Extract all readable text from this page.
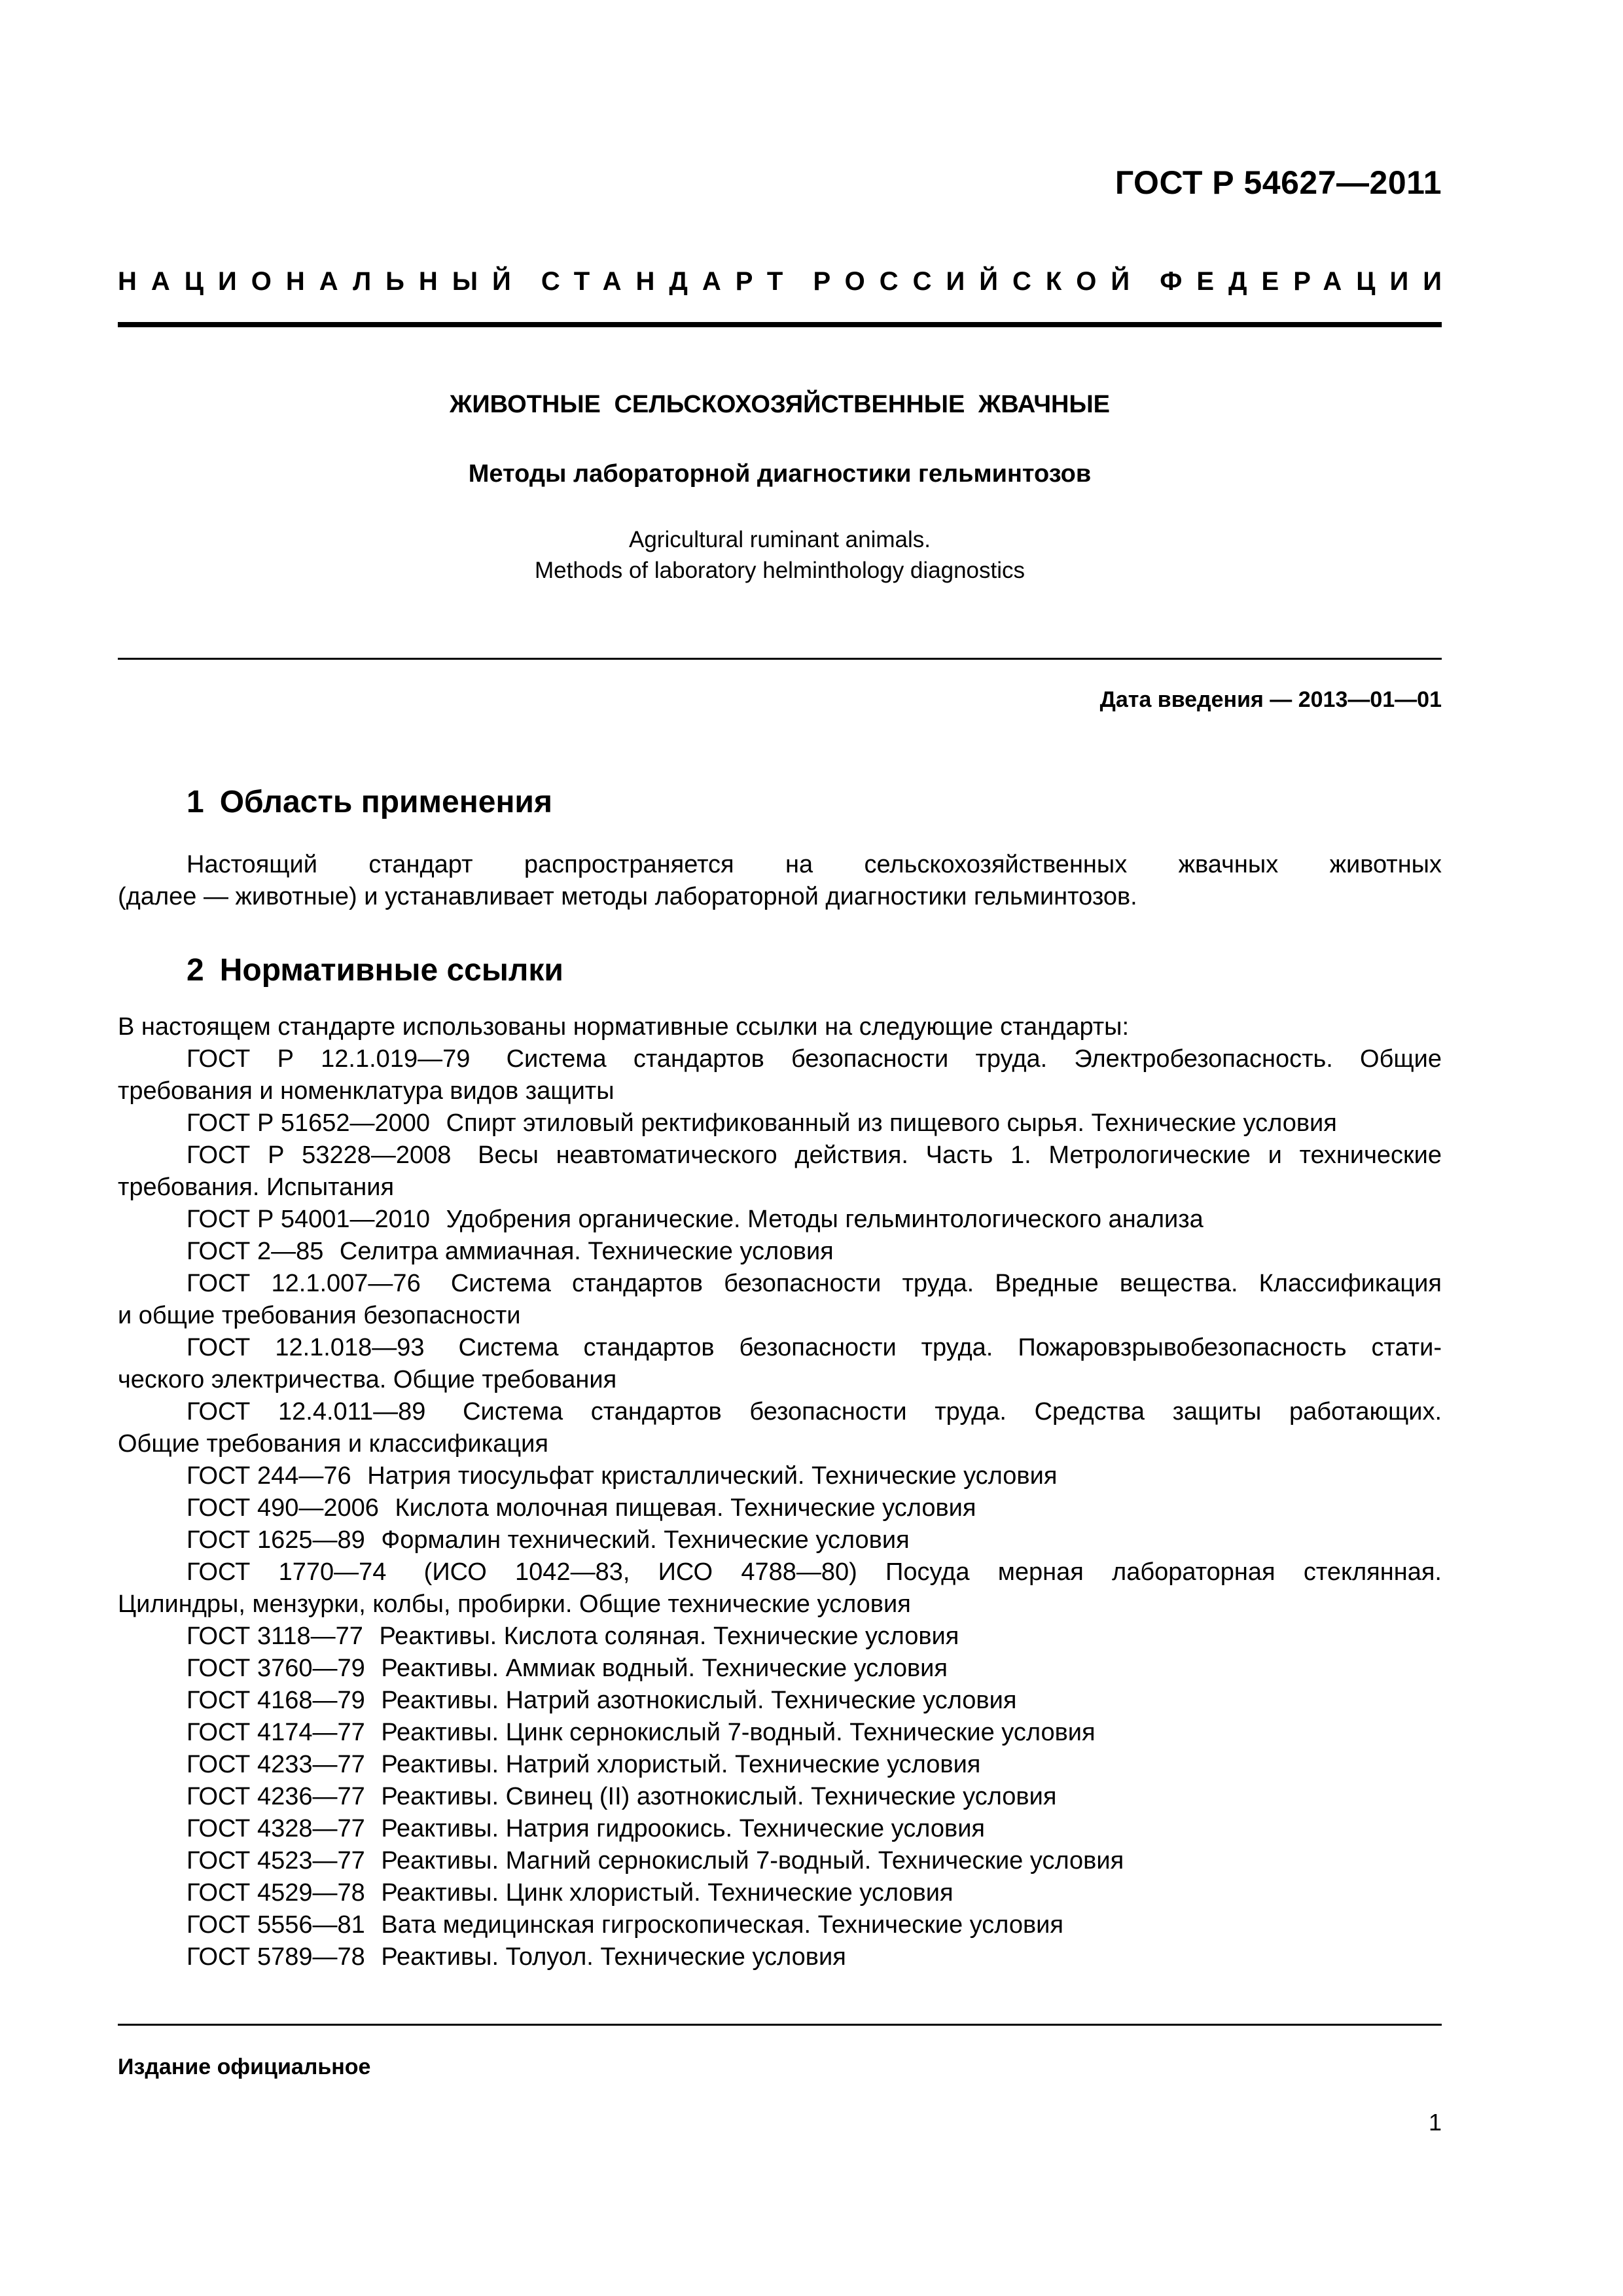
ГОСТ Р 54627—2011
НАЦИОНАЛЬНЫЙ СТАНДАРТ РОССИЙСКОЙ ФЕДЕРАЦИИ
ЖИВОТНЫЕ СЕЛЬСКОХОЗЯЙСТВЕННЫЕ ЖВАЧНЫЕ
Методы лабораторной диагностики гельминтозов
Agricultural ruminant animals.
Methods of laboratory helminthology diagnostics
Дата введения — 2013—01—01
1 Область применения
Настоящий стандарт распространяется на сельскохозяйственных жвачных животных
(далее — животные) и устанавливает методы лабораторной диагностики гельминтозов.
2 Нормативные ссылки
В настоящем стандарте использованы нормативные ссылки на следующие стандарты:
ГОСТ Р 12.1.019—79 Система стандартов безопасности труда. Электробезопасность. Общие
требования и номенклатура видов защиты
ГОСТ Р 51652—2000 Спирт этиловый ректификованный из пищевого сырья. Технические условия
ГОСТ Р 53228—2008 Весы неавтоматического действия. Часть 1. Метрологические и технические
требования. Испытания
ГОСТ Р 54001—2010 Удобрения органические. Методы гельминтологического анализа
ГОСТ 2—85 Селитра аммиачная. Технические условия
ГОСТ 12.1.007—76 Система стандартов безопасности труда. Вредные вещества. Классификация
и общие требования безопасности
ГОСТ 12.1.018—93 Система стандартов безопасности труда. Пожаровзрывобезопасность стати-
ческого электричества. Общие требования
ГОСТ 12.4.011—89 Система стандартов безопасности труда. Средства защиты работающих.
Общие требования и классификация
ГОСТ 244—76 Натрия тиосульфат кристаллический. Технические условия
ГОСТ 490—2006 Кислота молочная пищевая. Технические условия
ГОСТ 1625—89 Формалин технический. Технические условия
ГОСТ 1770—74 (ИСО 1042—83, ИСО 4788—80) Посуда мерная лабораторная стеклянная.
Цилиндры, мензурки, колбы, пробирки. Общие технические условия
ГОСТ 3118—77 Реактивы. Кислота соляная. Технические условия
ГОСТ 3760—79 Реактивы. Аммиак водный. Технические условия
ГОСТ 4168—79 Реактивы. Натрий азотнокислый. Технические условия
ГОСТ 4174—77 Реактивы. Цинк сернокислый 7-водный. Технические условия
ГОСТ 4233—77 Реактивы. Натрий хлористый. Технические условия
ГОСТ 4236—77 Реактивы. Свинец (II) азотнокислый. Технические условия
ГОСТ 4328—77 Реактивы. Натрия гидроокись. Технические условия
ГОСТ 4523—77 Реактивы. Магний сернокислый 7-водный. Технические условия
ГОСТ 4529—78 Реактивы. Цинк хлористый. Технические условия
ГОСТ 5556—81 Вата медицинская гигроскопическая. Технические условия
ГОСТ 5789—78 Реактивы. Толуол. Технические условия
Издание официальное
1
